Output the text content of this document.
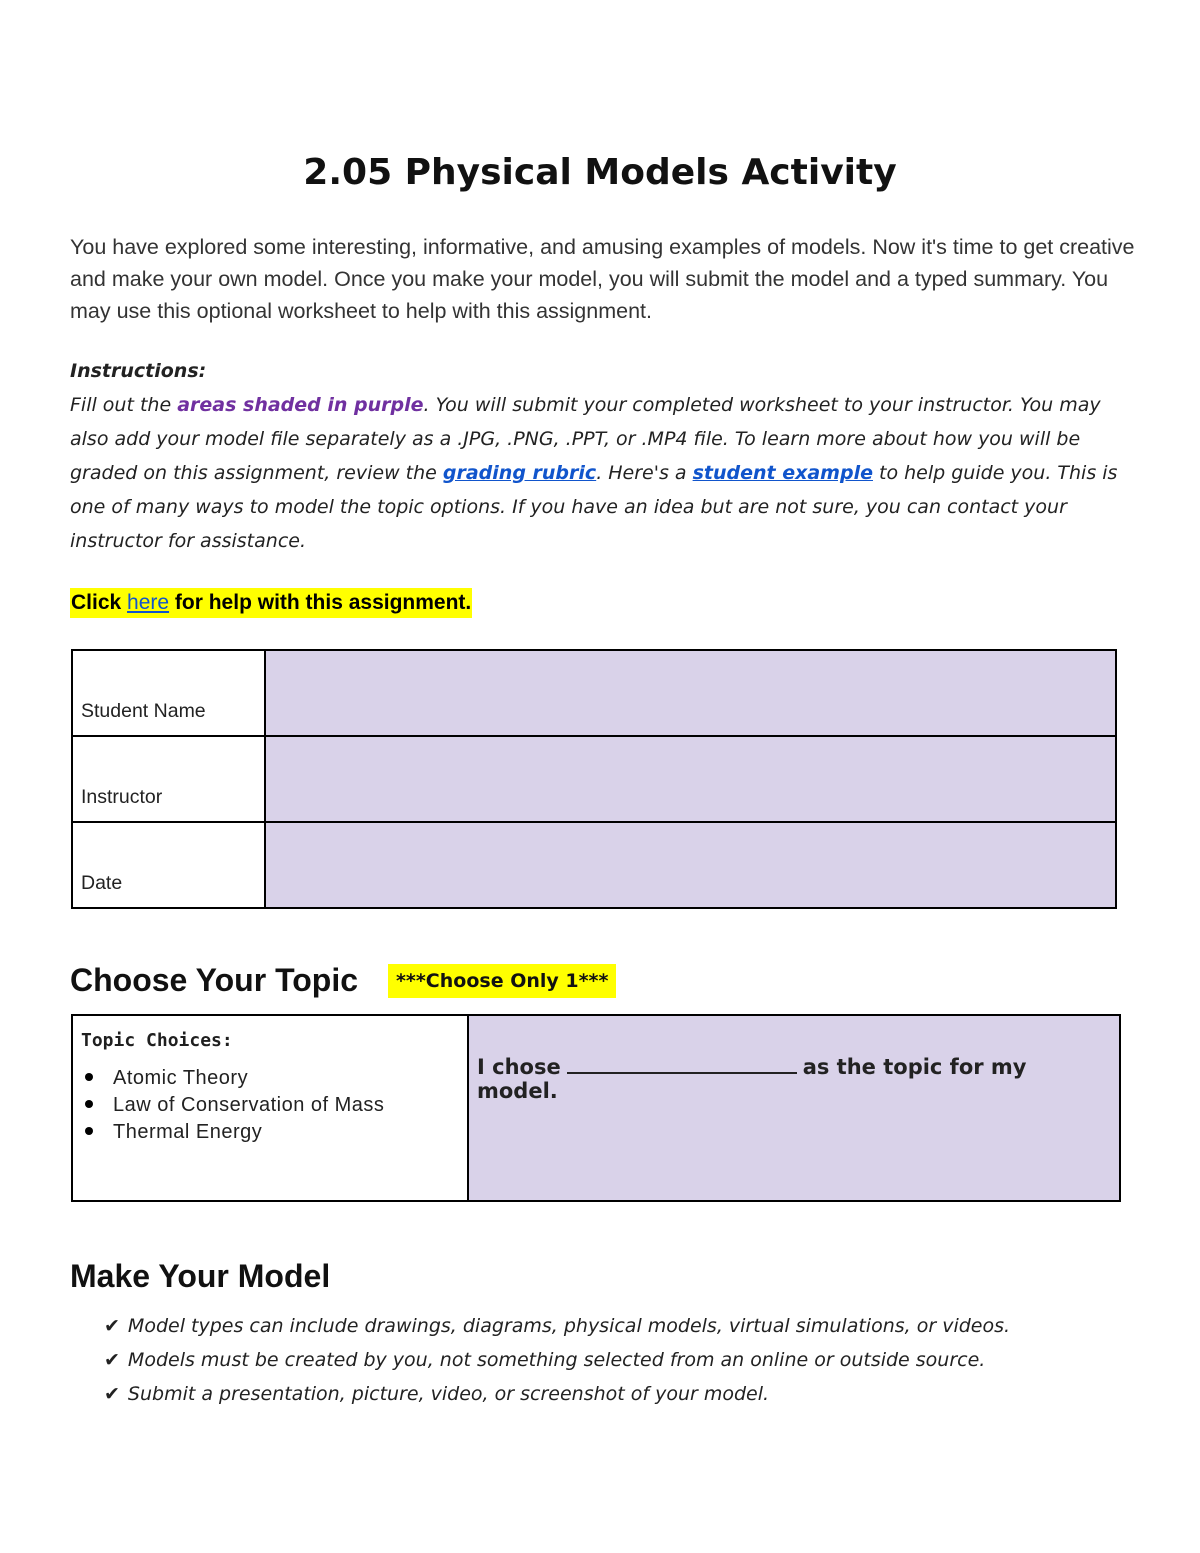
2.05 Physical Models Activity
You have explored some interesting, informative, and amusing examples of models. Now it's time to get creative and make your own model. Once you make your model, you will submit the model and a typed summary. You may use this optional worksheet to help with this assignment.
Instructions:
Fill out the areas shaded in purple. You will submit your completed worksheet to your instructor. You may also add your model file separately as a .JPG, .PNG, .PPT, or .MP4 file. To learn more about how you will be graded on this assignment, review the grading rubric. Here's a student example to help guide you. This is one of many ways to model the topic options. If you have an idea but are not sure, you can contact your instructor for assistance.
Click here for help with this assignment.
Student Name	
Instructor	
Date	
Choose Your Topic	***Choose Only 1***
Topic Choices:
Atomic Theory
Law of Conservation of Mass
Thermal Energy

I chose	as the topic for my model.
Make Your Model
✔ Model types can include drawings, diagrams, physical models, virtual simulations, or videos.
✔ Models must be created by you, not something selected from an online or outside source.
✔ Submit a presentation, picture, video, or screenshot of your model.
